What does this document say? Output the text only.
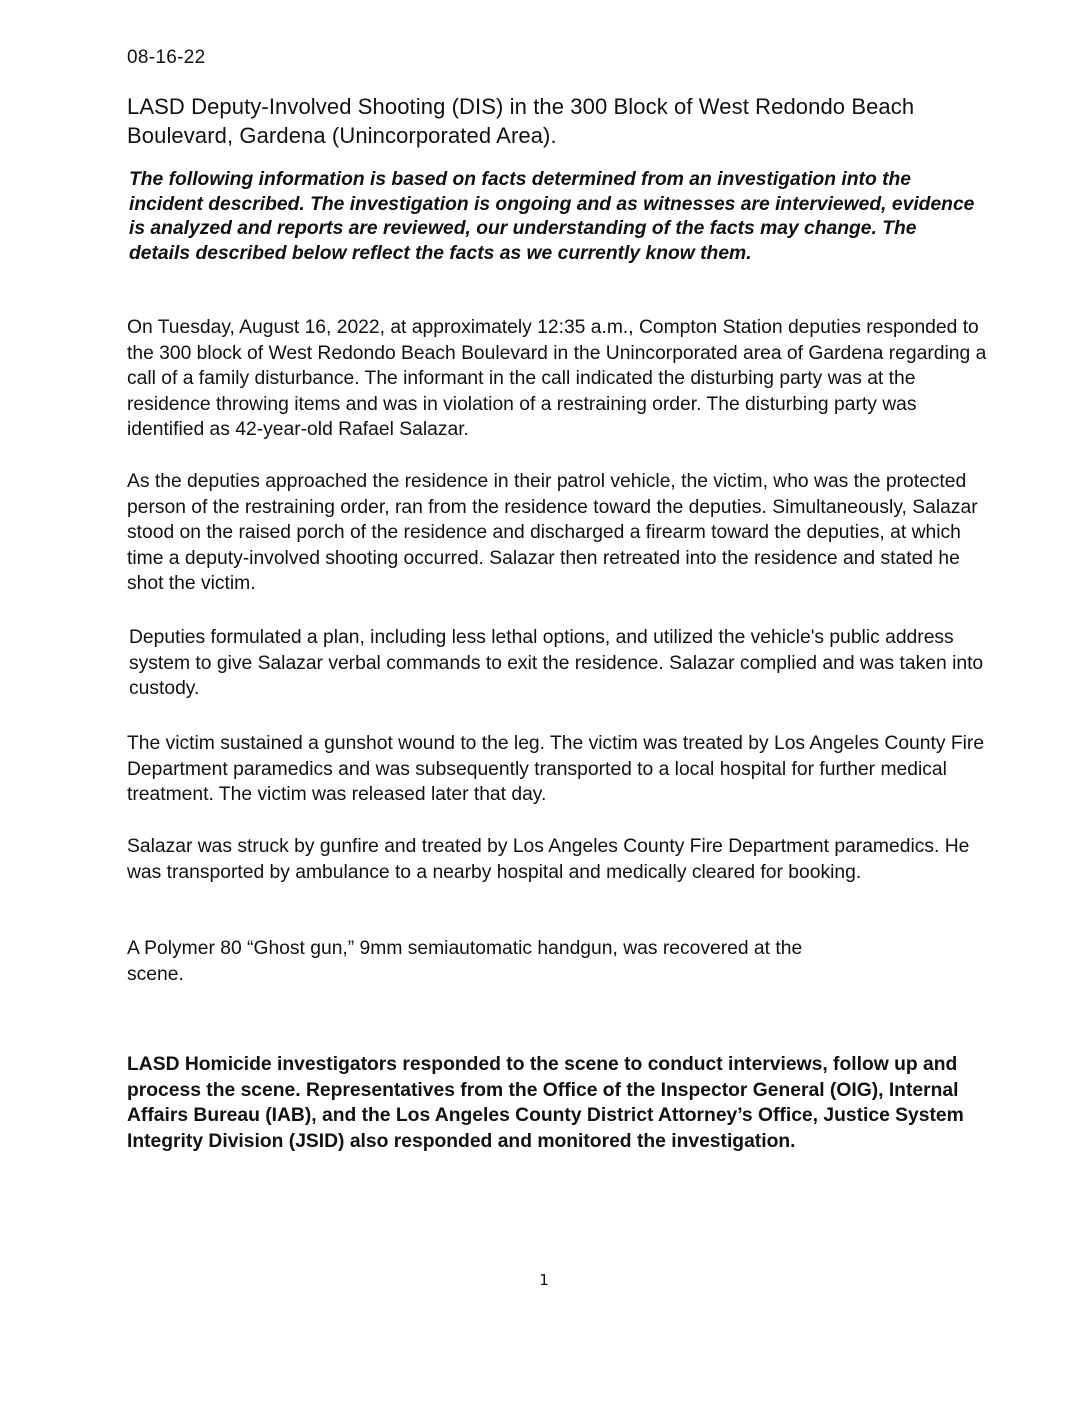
08-16-22
LASD Deputy-Involved Shooting (DIS) in the 300 Block of West Redondo Beach Boulevard, Gardena (Unincorporated Area).

The following information is based on facts determined from an investigation into the incident described. The investigation is ongoing and as witnesses are interviewed, evidence is analyzed and reports are reviewed, our understanding of the facts may change. The details described below reflect the facts as we currently know them.

On Tuesday, August 16, 2022, at approximately 12:35 a.m., Compton Station deputies responded to the 300 block of West Redondo Beach Boulevard in the Unincorporated area of Gardena regarding a call of a family disturbance. The informant in the call indicated the disturbing party was at the residence throwing items and was in violation of a restraining order. The disturbing party was identified as 42-year-old Rafael Salazar.

As the deputies approached the residence in their patrol vehicle, the victim, who was the protected person of the restraining order, ran from the residence toward the deputies. Simultaneously, Salazar stood on the raised porch of the residence and discharged a firearm toward the deputies, at which time a deputy-involved shooting occurred. Salazar then retreated into the residence and stated he shot the victim.

Deputies formulated a plan, including less lethal options, and utilized the vehicle's public address system to give Salazar verbal commands to exit the residence. Salazar complied and was taken into custody.

The victim sustained a gunshot wound to the leg. The victim was treated by Los Angeles County Fire Department paramedics and was subsequently transported to a local hospital for further medical treatment. The victim was released later that day.

Salazar was struck by gunfire and treated by Los Angeles County Fire Department paramedics. He was transported by ambulance to a nearby hospital and medically cleared for booking.

A Polymer 80 “Ghost gun,” 9mm semiautomatic handgun, was recovered at the scene.

LASD Homicide investigators responded to the scene to conduct interviews, follow up and process the scene. Representatives from the Office of the Inspector General (OIG), Internal Affairs Bureau (IAB), and the Los Angeles County District Attorney’s Office, Justice System Integrity Division (JSID) also responded and monitored the investigation.

1
